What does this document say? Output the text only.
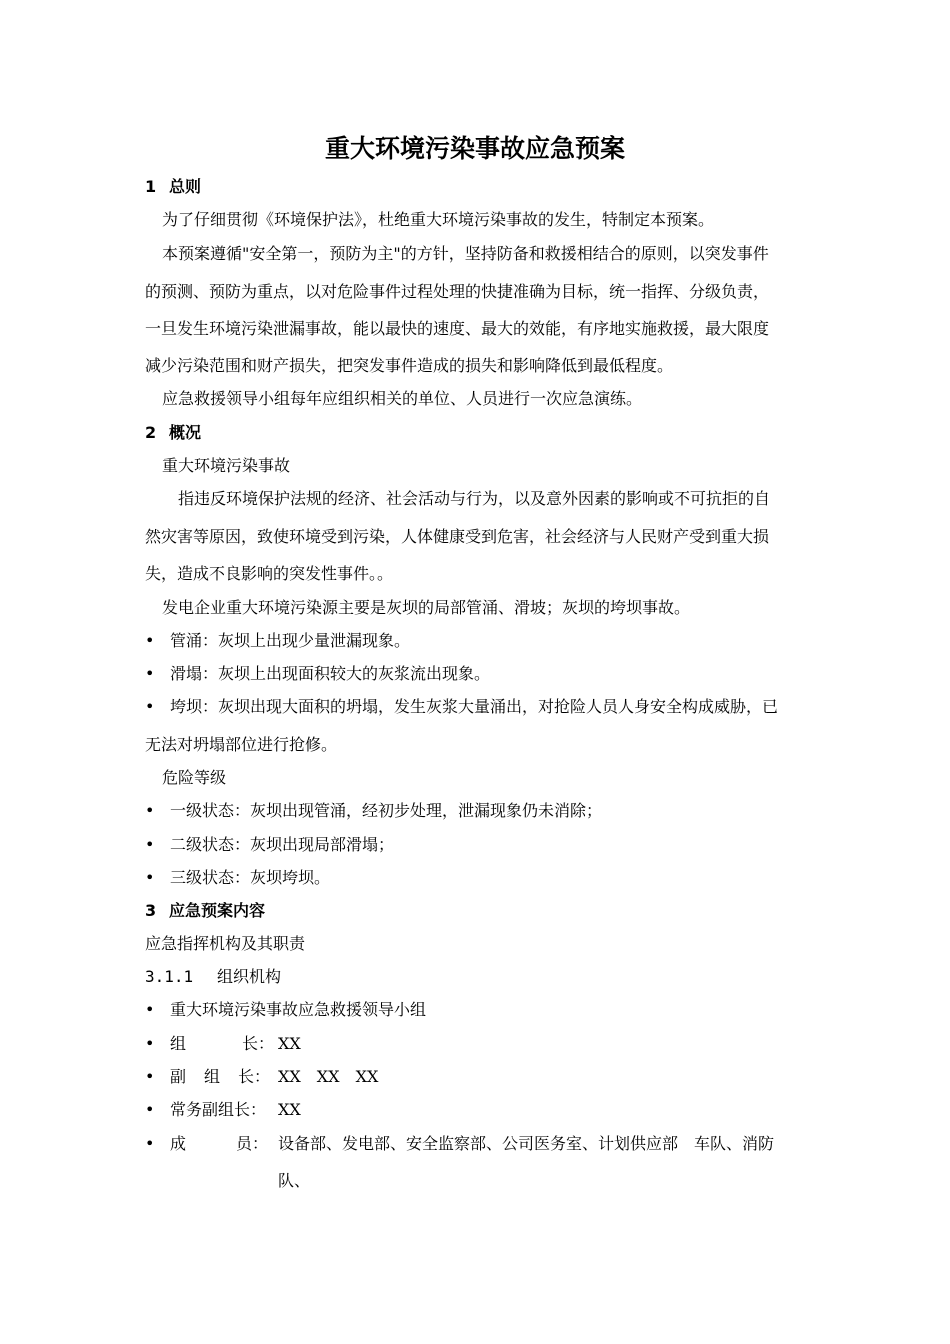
重大环境污染事故应急预案
1 总则
为了仔细贯彻《环境保护法》，杜绝重大环境污染事故的发生，特制定本预案。
本预案遵循"安全第一，预防为主"的方针，坚持防备和救援相结合的原则，以突发事件
的预测、预防为重点，以对危险事件过程处理的快捷准确为目标，统一指挥、分级负责，
一旦发生环境污染泄漏事故，能以最快的速度、最大的效能，有序地实施救援，最大限度
减少污染范围和财产损失，把突发事件造成的损失和影响降低到最低程度。
应急救援领导小组每年应组织相关的单位、人员进行一次应急演练。
2 概况
重大环境污染事故
指违反环境保护法规的经济、社会活动与行为，以及意外因素的影响或不可抗拒的自
然灾害等原因，致使环境受到污染，人体健康受到危害，社会经济与人民财产受到重大损
失，造成不良影响的突发性事件。。
发电企业重大环境污染源主要是灰坝的局部管涌、滑坡；灰坝的垮坝事故。
• 管涌：灰坝上出现少量泄漏现象。
• 滑塌：灰坝上出现面积较大的灰浆流出现象。
• 垮坝：灰坝出现大面积的坍塌，发生灰浆大量涌出，对抢险人员人身安全构成威胁，已
无法对坍塌部位进行抢修。
危险等级
• 一级状态：灰坝出现管涌，经初步处理，泄漏现象仍未消除；
• 二级状态：灰坝出现局部滑塌；
• 三级状态：灰坝垮坝。
3 应急预案内容
应急指挥机构及其职责
3.1.1 组织机构
• 重大环境污染事故应急救援领导小组
• 组	长： XX
• 副 组 长： XX XX XX
• 常务副组长： XX
• 成	员： 设备部、发电部、安全监察部、公司医务室、计划供应部　车队、消防
队、
